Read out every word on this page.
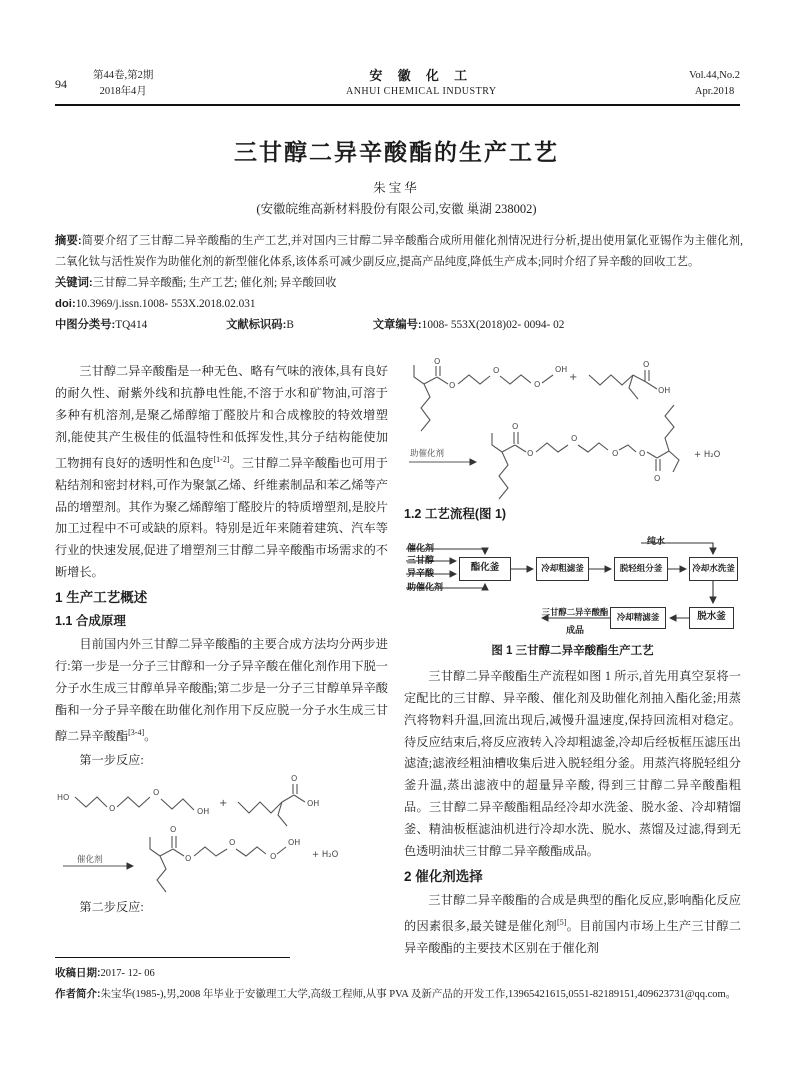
94
第44卷,第2期
2018年4月
安 徽 化 工
ANHUI CHEMICAL INDUSTRY
Vol.44,No.2
Apr.2018
三甘醇二异辛酸酯的生产工艺
朱宝华
(安徽皖维高新材料股份有限公司,安徽 巢湖 238002)
摘要:简要介绍了三甘醇二异辛酸酯的生产工艺,并对国内三甘醇二异辛酸酯合成所用催化剂情况进行分析,提出使用氯化亚锡作为主催化剂,二氧化钛与活性炭作为助催化剂的新型催化体系,该体系可减少副反应,提高产品纯度,降低生产成本;同时介绍了异辛酸的回收工艺。
关键词:三甘醇二异辛酸酯; 生产工艺; 催化剂; 异辛酸回收
doi:10.3969/j.issn.1008- 553X.2018.02.031
中图分类号:TQ414	文献标识码:B	文章编号:1008- 553X(2018)02- 0094- 02

三甘醇二异辛酸酯是一种无色、略有气味的液体,具有良好的耐久性、耐紫外线和抗静电性能,不溶于水和矿物油,可溶于多种有机溶剂,是聚乙烯醇缩丁醛胶片和合成橡胶的特效增塑剂,能使其产生极佳的低温特性和低挥发性,其分子结构能使加工物拥有良好的透明性和色度[1-2]。三甘醇二异辛酸酯也可用于粘结剂和密封材料,可作为聚氯乙烯、纤维素制品和苯乙烯等产品的增塑剂。其作为聚乙烯醇缩丁醛胶片的特质增塑剂,是胶片加工过程中不可或缺的原料。特别是近年来随着建筑、汽车等行业的快速发展,促进了增塑剂三甘醇二异辛酸酯市场需求的不断增长。

1 生产工艺概述
1.1 合成原理

目前国内外三甘醇二异辛酸酯的主要合成方法均分两步进行:第一步是一分子三甘醇和一分子异辛酸在催化剂作用下脱一分子水生成三甘醇单异辛酸酯;第二步是一分子三甘醇单异辛酸酯和一分子异辛酸在助催化剂作用下反应脱一分子水生成三甘醇二异辛酸酯[3-4]。

第一步反应:

HO
O
O
OH
+
O
OH
催化剂
O
O
O
O
OH
+ H₂O

第二步反应:

O
O
O
O
OH
+
O
OH
助催化剂
O
O
O
O	O
O
+ H₂O
1.2 工艺流程(图 1)
催化剂
三甘醇
异辛酸
助催化剂
纯水
酯化釜	冷却粗滤釜	脱轻组分釜	冷却水洗釜
脱水釜
冷却精滤釜
三甘醇二异辛酸酯
成品
图 1 三甘醇二异辛酸酯生产工艺

三甘醇二异辛酸酯生产流程如图 1 所示,首先用真空泵将一定配比的三甘醇、异辛酸、催化剂及助催化剂抽入酯化釜;用蒸汽将物料升温,回流出现后,减慢升温速度,保持回流相对稳定。待反应结束后,将反应液转入冷却粗滤釜,冷却后经板框压滤压出滤渣;滤液经粗油槽收集后进入脱轻组分釜。用蒸汽将脱轻组分釜升温,蒸出滤液中的超量异辛酸, 得到三甘醇二异辛酸酯粗品。三甘醇二异辛酸酯粗品经冷却水洗釜、脱水釜、冷却精馏釜、精油板框滤油机进行冷却水洗、脱水、蒸馏及过滤,得到无色透明油状三甘醇二异辛酸酯成品。

2 催化剂选择

三甘醇二异辛酸酯的合成是典型的酯化反应,影响酯化反应的因素很多,最关键是催化剂[5]。目前国内市场上生产三甘醇二异辛酸酯的主要技术区别在于催化剂

收稿日期:2017- 12- 06
作者简介:朱宝华(1985-),男,2008 年毕业于安徽理工大学,高级工程师,从事 PVA 及新产品的开发工作,13965421615,0551-82189151,409623731@qq.com。
